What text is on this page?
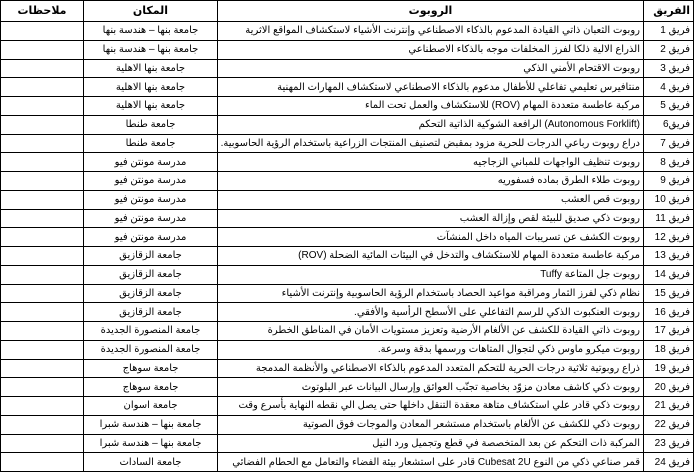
الفريق	الروبوت	المكان	ملاحظات
فريق 1	روبوت الثعبان ذاتي القيادة المدعوم بالذكاء الاصطناعي وإنترنت الأشياء لاستكشاف المواقع الاثرية	جامعة بنها – هندسة بنها	
فريق 2	الذراع الالية ذلكا لفرز المخلفات موجه بالذكاء الاصطناعي	جامعة بنها – هندسة بنها	
فريق 3	روبوت الاقتحام الأمني الذكي	جامعة بنها الاهلية	
فريق 4	منتافيرس تعليمي تفاعلي للأطفال مدعوم بالذكاء الاصطناعي لاستكشاف المهارات المهنية	جامعة بنها الاهلية	
فريق 5	مركبة عاطسة متعددة المهام (ROV) للاستكشاف والعمل تحت الماء	جامعة بنها الاهلية	
فريق6	(Autonomous Forklift) الرافعة الشوكية الذاتية التحكم	جامعة طنطا	
فريق 7	دراع روبوت رباعي الدرجات للحرية مزود بمقبض لتصنيف المنتجات الزراعية باستخدام الرؤية الحاسوبية.	جامعة طنطا	
فريق 8	روبوت تنظيف الواجهات للمباني الزجاجيه	مدرسة مونتن فيو	
فريق 9	روبوت طلاء الطرق بماده فسفوريه	مدرسة مونتن فيو	
فريق 10	روبوت قص العشب	مدرسة مونتن فيو	
فريق 11	روبوت ذكي صديق للبيئة لقص وإزالة العشب	مدرسة مونتن فيو	
فريق 12	روبوت الكشف عن تسريبات المياه داخل المنشآت	مدرسة مونتن فيو	
فريق 13	مركبة عاطسة متعددة المهام للاستكشاف والتدخل في البيئات المائية الضحلة (ROV)	جامعة الزقازيق	
فريق 14	روبوت جل المتاعة Tuffy	جامعة الزقازيق	
فريق 15	نظام ذكي لفرز الثمار ومراقبة مواعيد الحصاد باستخدام الرؤية الحاسوبية وإنترنت الأشياء	جامعة الزقازيق	
فريق 16	روبوت العنكبوت الذكي للرسم التفاعلي على الأسطح الرأسية والأفقي.	جامعة الزقازيق	
فريق 17	روبوت ذاتي القيادة للكشف عن الألغام الأرضية وتعزيز مستويات الأمان في المناطق الخطرة	جامعة المنصورة الجديدة	
فريق 18	روبوت ميكرو ماوس ذكي لتجوال المتاهات ورسمها بدقة وسرعة.	جامعة المنصورة الجديدة	
فريق 19	ذراع روبوتية ثلاثية درجات الحرية للتحكم المتعدد المدعوم بالذكاء الاصطناعي والأنظمة المدمجة	جامعة سوهاج	
فريق 20	روبوت ذكي كاشف معادن مزوّد بخاصية تجنّب العوائق وإرسال البيانات عبر البلوتوث	جامعة سوهاج	
فريق 21	روبوت ذكي قادر علي استكشاف متاهة معقدة التنقل داخلها حتى يصل الي نقطه النهاية بأسرع وقت	جامعة اسوان	
فريق 22	روبوت ذكي للكشف عن الألغام باستخدام مستشعر المعادن والموجات فوق الصوتية	جامعة بنها – هندسة شبرا	
فريق 23	المركبة ذات التحكم عن بعد المتخصصة في قطع وتجميل ورد النيل	جامعة بنها – هندسة شبرا	
فريق 24	قمر صناعي ذكي من النوع Cubesat 2U قادر على استشعار بيئة الفضاء والتعامل مع الحطام الفضائي	جامعة السادات	
